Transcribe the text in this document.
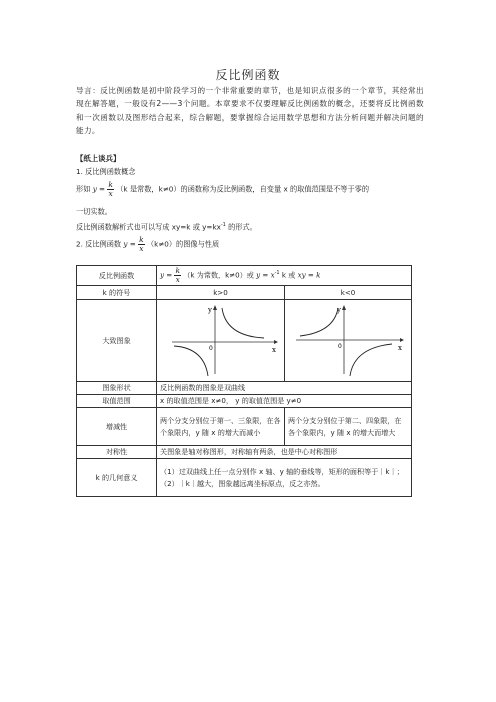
反比例函数
导言：反比例函数是初中阶段学习的一个非常重要的章节，也是知识点很多的一个章节，其经常出现在解答题，一般设有2——3个问题。本章要求不仅要理解反比例函数的概念，还要将反比例函数和一次函数以及图形结合起来，综合解题，要掌握综合运用数学思想和方法分析问题并解决问题的能力。
【纸上谈兵】
1. 反比例函数概念
形如 $y = \frac{k}{x} (k$ 是常数，k≠0）的函数称为反比例函数，自变量 x 的取值范围是不等于零的
一切实数。
反比例函数解析式也可以写成 xy=k 或 $y=kx^{-1}$ 的形式。
2. 反比例函数 $y = \frac{k}{x} (k\ne 0)$的图像与性质
反比例函数	$y = \frac{k}{x} (k$ 为常数，k≠0）或 $y = x^{-1}$ k 或 xy = k	
k 的符号	k>0	k<0
大致图象	y
x
0	y
x
0

图象形状	反比例函数的图象是双曲线	
取值范围	x 的取值范围是 x≠0， y 的取值范围是 y≠0	
增减性	两个分支分别位于第一、三象限，在各个象限内，y 随 x 的增大而减小	两个分支分别位于第二、四象限，在各个象限内，y 随 x 的增大而增大
对称性	关图象是轴对称图形，对称轴有两条，也是中心对称图形	
k 的几何意义	（1）过双曲线上任一点分别作 x 轴、y 轴的垂线等，矩形的面积等于｜k｜；
（2）｜k｜越大，图象越远离坐标原点，反之亦然。	
